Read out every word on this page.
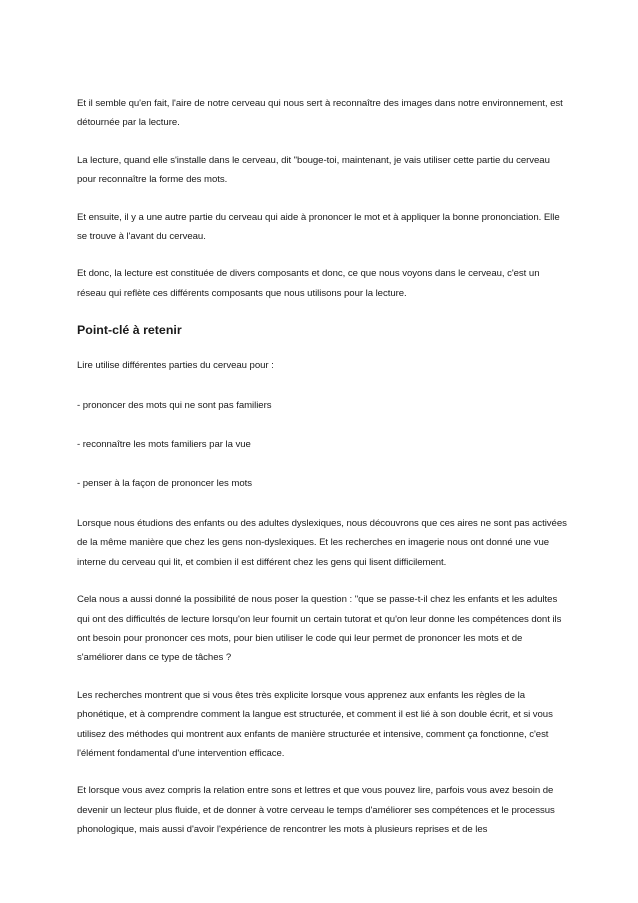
Et il semble qu'en fait, l'aire de notre cerveau qui nous sert à reconnaître des images dans notre environnement, est détournée par la lecture.

La lecture, quand elle s'installe dans le cerveau, dit "bouge-toi, maintenant, je vais utiliser cette partie du cerveau pour reconnaître la forme des mots.

Et ensuite, il y a une autre partie du cerveau qui aide à prononcer le mot et à appliquer la bonne prononciation. Elle se trouve à l'avant du cerveau.

Et donc, la lecture est constituée de divers composants et donc, ce que nous voyons dans le cerveau, c'est un réseau qui reflète ces différents composants que nous utilisons pour la lecture.

Point-clé à retenir

Lire utilise différentes parties du cerveau pour :

- prononcer des mots qui ne sont pas familiers

- reconnaître les mots familiers par la vue

- penser à la façon de prononcer les mots

Lorsque nous étudions des enfants ou des adultes dyslexiques, nous découvrons que ces aires ne sont pas activées de la même manière que chez les gens non-dyslexiques. Et les recherches en imagerie nous ont donné une vue interne du cerveau qui lit, et combien il est différent chez les gens qui lisent difficilement.

Cela nous a aussi donné la possibilité de nous poser la question : "que se passe-t-il chez les enfants et les adultes qui ont des difficultés de lecture lorsqu'on leur fournit un certain tutorat et qu'on leur donne les compétences dont ils ont besoin pour prononcer ces mots, pour bien utiliser le code qui leur permet de prononcer les mots et de s'améliorer dans ce type de tâches ?

Les recherches montrent que si vous êtes très explicite lorsque vous apprenez aux enfants les règles de la phonétique, et à comprendre comment la langue est structurée, et comment il est lié à son double écrit, et si vous utilisez des méthodes qui montrent aux enfants de manière structurée et intensive, comment ça fonctionne, c'est l'élément fondamental d'une intervention efficace.

Et lorsque vous avez compris la relation entre sons et lettres et que vous pouvez lire, parfois vous avez besoin de devenir un lecteur plus fluide, et de donner à votre cerveau le temps d'améliorer ses compétences et le processus phonologique, mais aussi d'avoir l'expérience de rencontrer les mots à plusieurs reprises et de les
